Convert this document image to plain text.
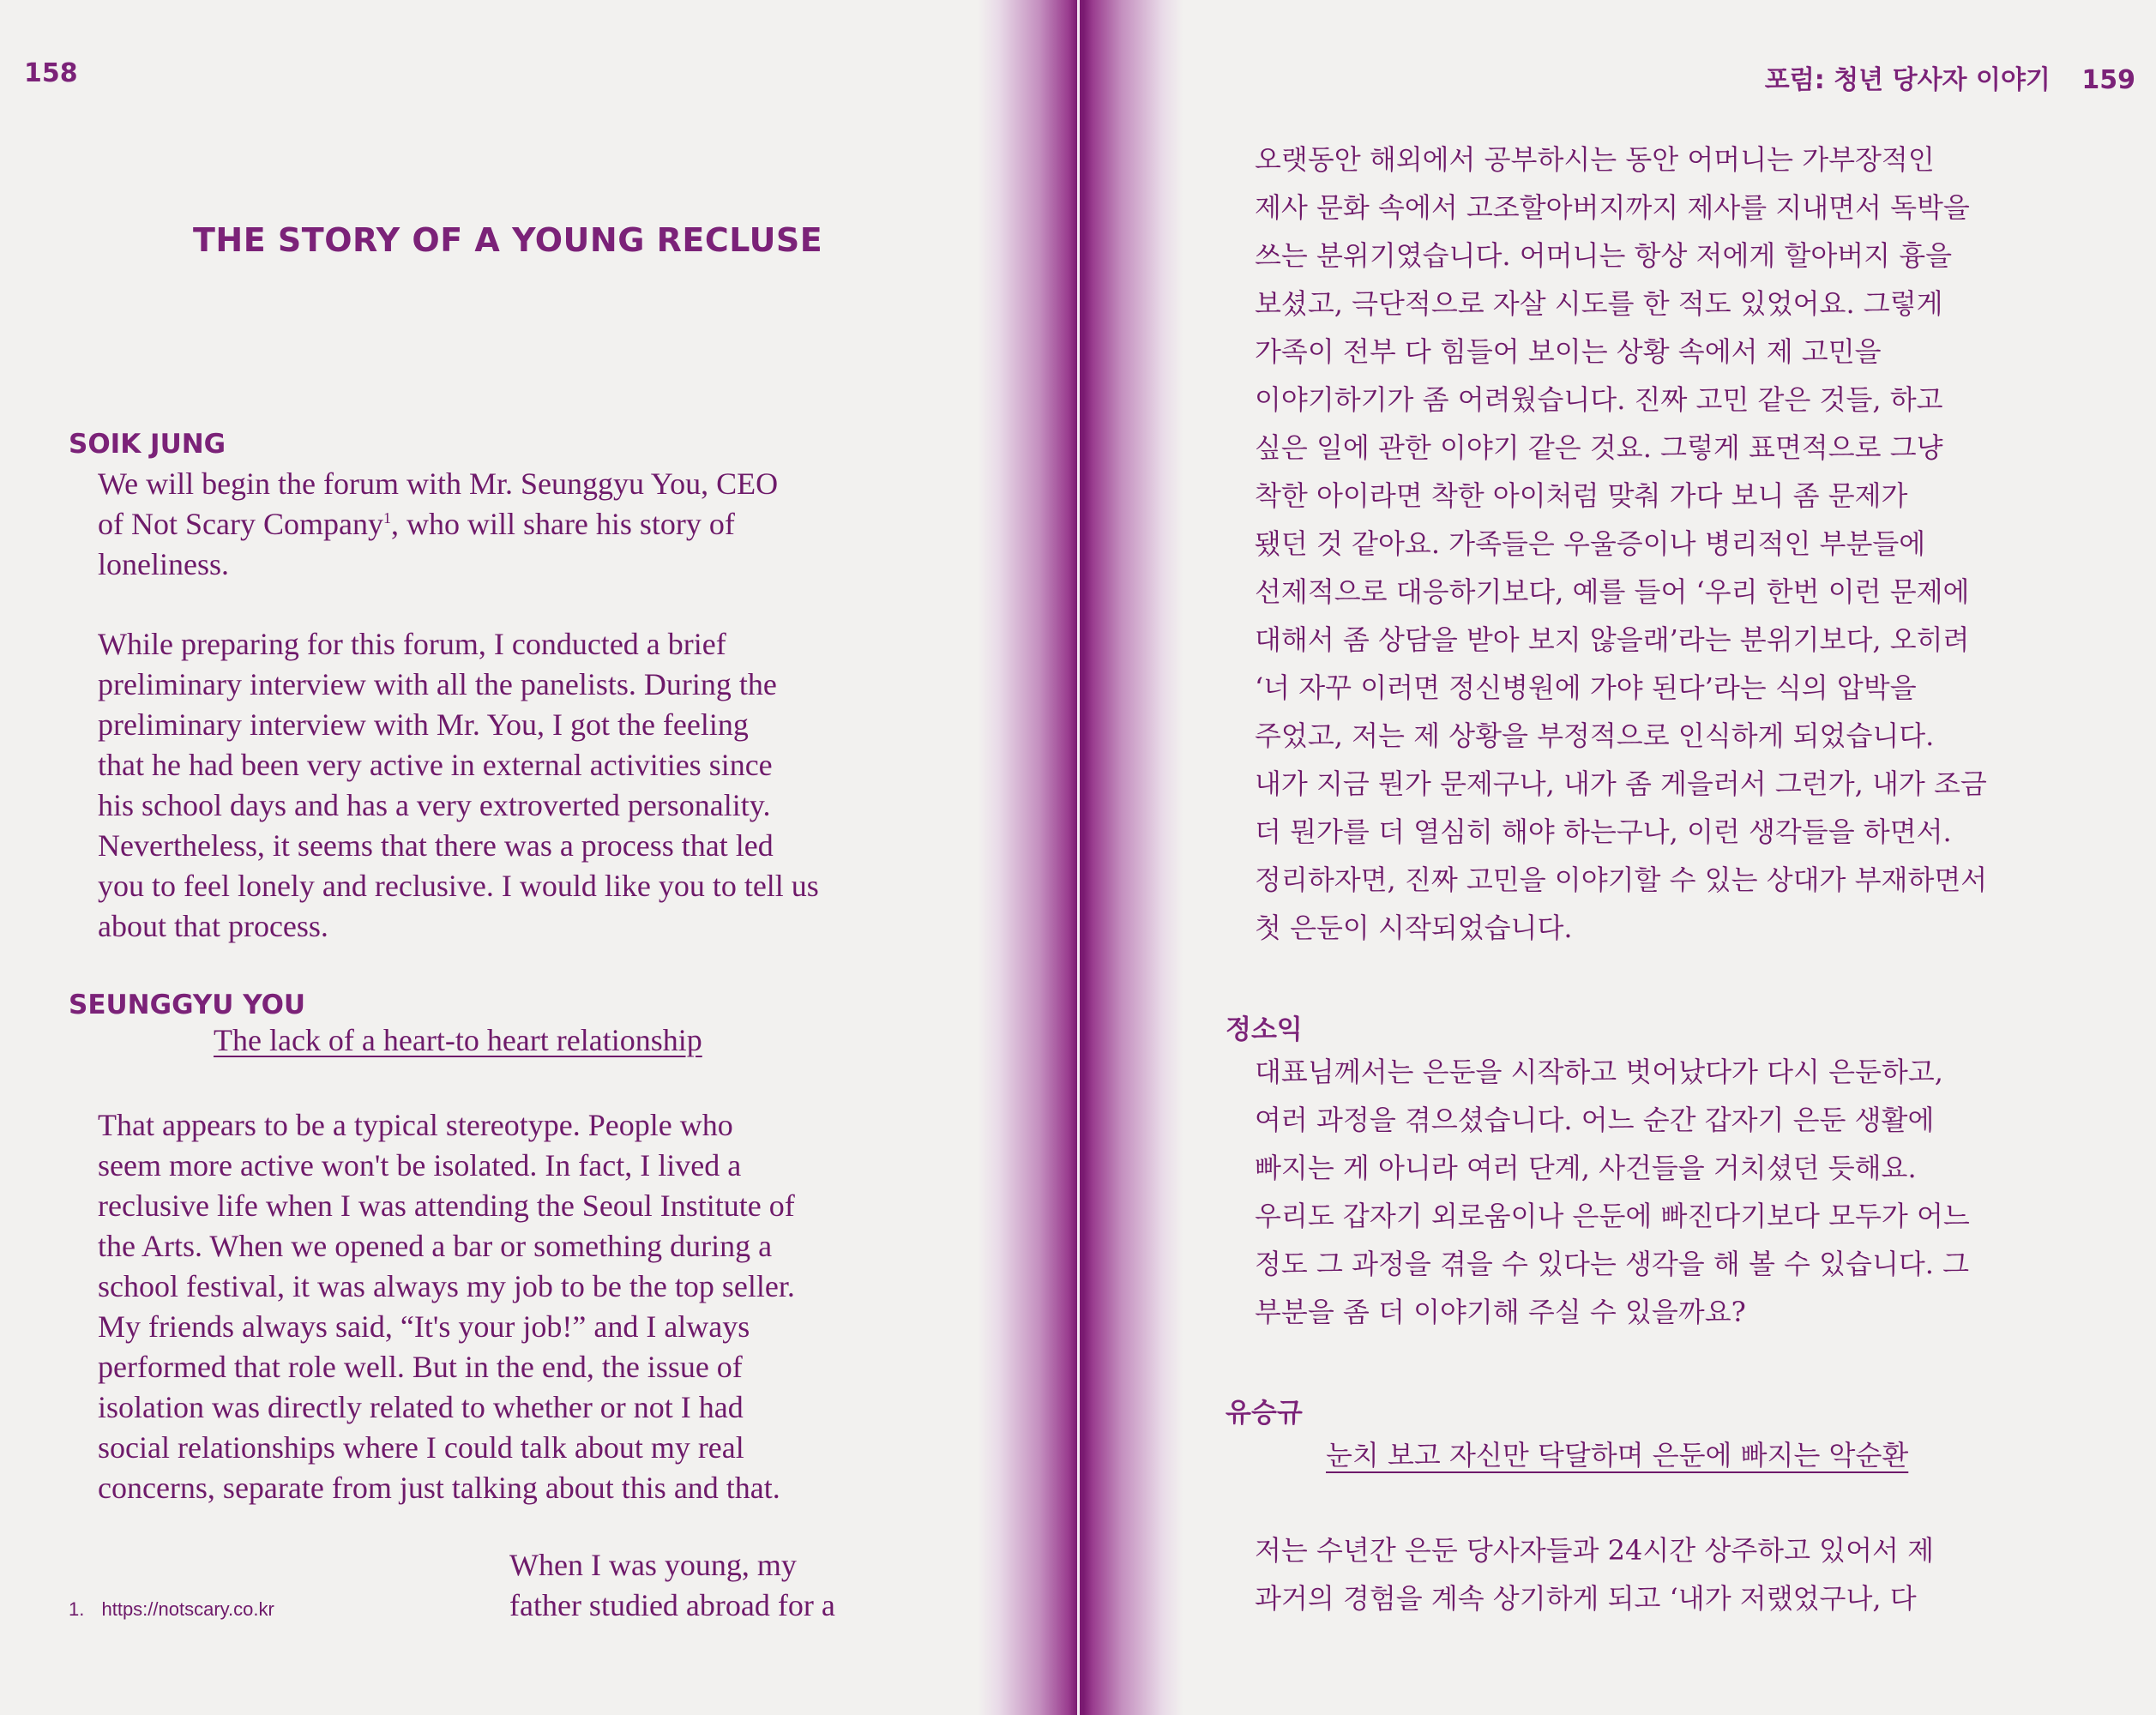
158
THE STORY OF A YOUNG RECLUSE
SOIK JUNG
We will begin the forum with Mr. Seunggyu You, CEO
of Not Scary Company$^1$, who will share his story of
loneliness.
While preparing for this forum, I conducted a brief
preliminary interview with all the panelists. During the
preliminary interview with Mr. You, I got the feeling
that he had been very active in external activities since
his school days and has a very extroverted personality.
Nevertheless, it seems that there was a process that led
you to feel lonely and reclusive. I would like you to tell us
about that process.
SEUNGGYU YOU
The lack of a heart-to heart relationship
That appears to be a typical stereotype. People who
seem more active won't be isolated. In fact, I lived a
reclusive life when I was attending the Seoul Institute of
the Arts. When we opened a bar or something during a
school festival, it was always my job to be the top seller.
My friends always said, “It's your job!” and I always
performed that role well. But in the end, the issue of
isolation was directly related to whether or not I had
social relationships where I could talk about my real
concerns, separate from just talking about this and that.
When I was young, my
father studied abroad for a
1. https://notscary.co.kr
포럼: 청년 당사자 이야기 159
오랫동안 해외에서 공부하시는 동안 어머니는 가부장적인
제사 문화 속에서 고조할아버지까지 제사를 지내면서 독박을
쓰는 분위기였습니다. 어머니는 항상 저에게 할아버지 흉을
보셨고, 극단적으로 자살 시도를 한 적도 있었어요. 그렇게
가족이 전부 다 힘들어 보이는 상황 속에서 제 고민을
이야기하기가 좀 어려웠습니다. 진짜 고민 같은 것들, 하고
싶은 일에 관한 이야기 같은 것요. 그렇게 표면적으로 그냥
착한 아이라면 착한 아이처럼 맞춰 가다 보니 좀 문제가
됐던 것 같아요. 가족들은 우울증이나 병리적인 부분들에
선제적으로 대응하기보다, 예를 들어 ‘우리 한번 이런 문제에
대해서 좀 상담을 받아 보지 않을래’라는 분위기보다, 오히려
‘너 자꾸 이러면 정신병원에 가야 된다’라는 식의 압박을
주었고, 저는 제 상황을 부정적으로 인식하게 되었습니다.
내가 지금 뭔가 문제구나, 내가 좀 게을러서 그런가, 내가 조금
더 뭔가를 더 열심히 해야 하는구나, 이런 생각들을 하면서.
정리하자면, 진짜 고민을 이야기할 수 있는 상대가 부재하면서
첫 은둔이 시작되었습니다.
정소익
대표님께서는 은둔을 시작하고 벗어났다가 다시 은둔하고,
여러 과정을 겪으셨습니다. 어느 순간 갑자기 은둔 생활에
빠지는 게 아니라 여러 단계, 사건들을 거치셨던 듯해요.
우리도 갑자기 외로움이나 은둔에 빠진다기보다 모두가 어느
정도 그 과정을 겪을 수 있다는 생각을 해 볼 수 있습니다. 그
부분을 좀 더 이야기해 주실 수 있을까요?
유승규
눈치 보고 자신만 닥달하며 은둔에 빠지는 악순환
저는 수년간 은둔 당사자들과 24시간 상주하고 있어서 제
과거의 경험을 계속 상기하게 되고 ‘내가 저랬었구나, 다
